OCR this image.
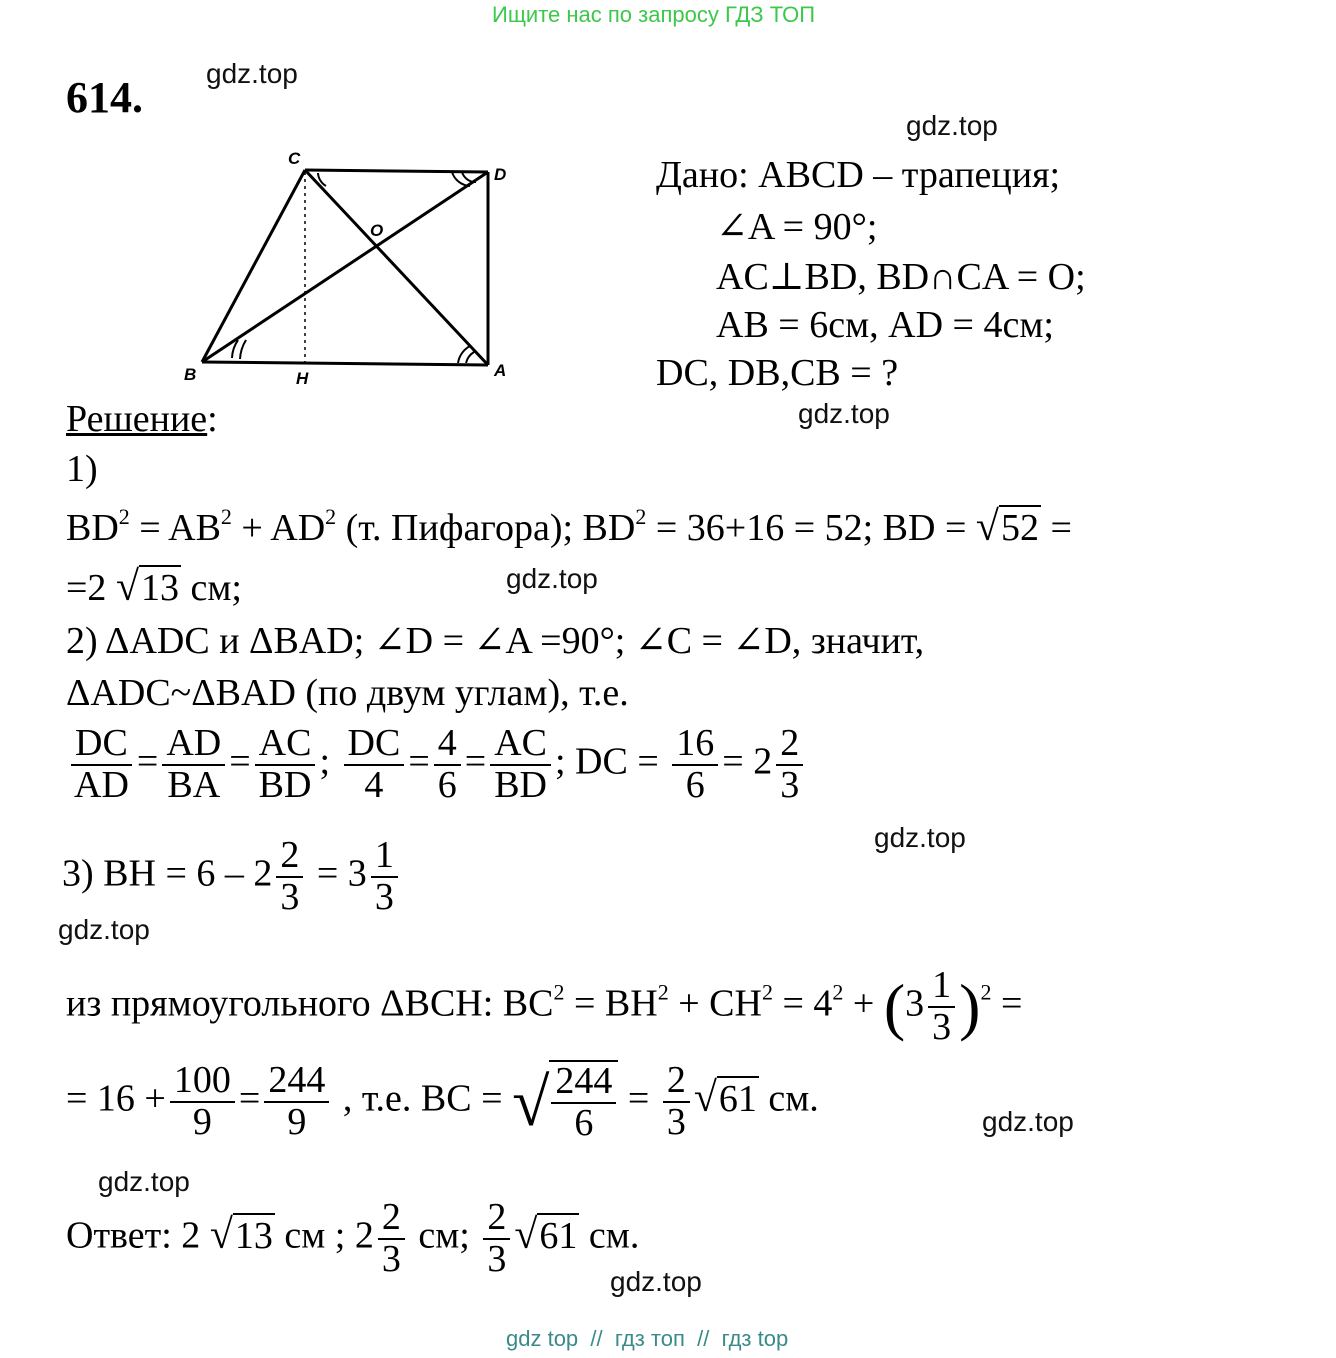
Ищите нас по запросу ГДЗ ТОП
614. gdz.top
gdz.top
gdz.top
gdz.top
gdz.top
gdz.top
gdz.top
gdz.top
gdz.top
C
D
O
B	H	A
Дано: ABCD – трапеция;
∠A = 90°;
AC⊥BD, BD∩CA = O;
AB = 6см, AD = 4см;
DC, DB,CB = ?
Решение:
1)
$BD^2 = AB^2 + AD^2$ (т. Пифагора); $BD^2 = 36+16 = 52$; BD = √52 =
=2 √13 см;
2) ΔADC и ΔBAD; ∠D = ∠A =90°; ∠C = ∠D, значит,
ΔADC~ΔBAD (по двум углам), т.е.
$\frac{DC}{AD} = \frac{AD}{BA} = \frac{AC}{BD}$ ; $\frac{DC}{4} = \frac{4}{6} = \frac{AC}{BD}$ ; DC = $\frac{16}{6} = 2 \frac{2}{3}$
3) BH = $6 - 2 \frac{2}{3} = 3 \frac{1}{3}$
из прямоугольного ΔBCH: $BC^2 = BH^2 + CH^2 = 4^2 + (3 \frac{1}{3} )^2$ =
= $16 + \frac{100}{9} = \frac{244}{9}$ , т.е. BC = √ $\frac{244}{6} = \frac{2}{3} √61$ см.
Ответ: 2 √13 см ; $2 \frac{2}{3}$ см; $\frac{2}{3} √61$ см.
gdz top  //  гдз топ  //  гдз top
